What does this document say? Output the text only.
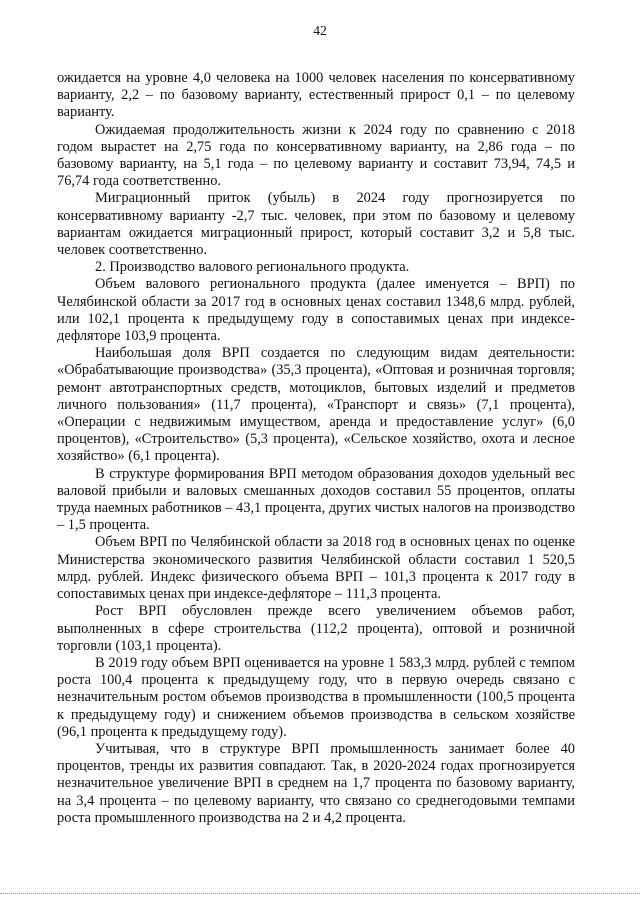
42

ожидается на уровне 4,0 человека на 1000 человек населения по консервативному варианту, 2,2 – по базовому варианту, естественный прирост 0,1 – по целевому варианту.

Ожидаемая продолжительность жизни к 2024 году по сравнению с 2018 годом вырастет на 2,75 года по консервативному варианту, на 2,86 года – по базовому варианту, на 5,1 года – по целевому варианту и составит 73,94, 74,5 и 76,74 года соответственно.

Миграционный приток (убыль) в 2024 году прогнозируется по консервативному варианту -2,7 тыс. человек, при этом по базовому и целевому вариантам ожидается миграционный прирост, который составит 3,2 и 5,8 тыс. человек соответственно.

2. Производство валового регионального продукта.

Объем валового регионального продукта (далее именуется – ВРП) по Челябинской области за 2017 год в основных ценах составил 1348,6 млрд. рублей, или 102,1 процента к предыдущему году в сопоставимых ценах при индексе-дефляторе 103,9 процента.

Наибольшая доля ВРП создается по следующим видам деятельности: «Обрабатывающие производства» (35,3 процента), «Оптовая и розничная торговля; ремонт автотранспортных средств, мотоциклов, бытовых изделий и предметов личного пользования» (11,7 процента), «Транспорт и связь» (7,1 процента), «Операции с недвижимым имуществом, аренда и предоставление услуг» (6,0 процентов), «Строительство» (5,3 процента), «Сельское хозяйство, охота и лесное хозяйство» (6,1 процента).

В структуре формирования ВРП методом образования доходов удельный вес валовой прибыли и валовых смешанных доходов составил 55 процентов, оплаты труда наемных работников – 43,1 процента, других чистых налогов на производство – 1,5 процента.

Объем ВРП по Челябинской области за 2018 год в основных ценах по оценке Министерства экономического развития Челябинской области составил 1 520,5 млрд. рублей. Индекс физического объема ВРП – 101,3 процента к 2017 году в сопоставимых ценах при индексе-дефляторе – 111,3 процента.

Рост ВРП обусловлен прежде всего увеличением объемов работ, выполненных в сфере строительства (112,2 процента), оптовой и розничной торговли (103,1 процента).

В 2019 году объем ВРП оценивается на уровне 1 583,3 млрд. рублей с темпом роста 100,4 процента к предыдущему году, что в первую очередь связано с незначительным ростом объемов производства в промышленности (100,5 процента к предыдущему году) и снижением объемов производства в сельском хозяйстве (96,1 процента к предыдущему году).

Учитывая, что в структуре ВРП промышленность занимает более 40 процентов, тренды их развития совпадают. Так, в 2020-2024 годах прогнозируется незначительное увеличение ВРП в среднем на 1,7 процента по базовому варианту, на 3,4 процента – по целевому варианту, что связано со среднегодовыми темпами роста промышленного производства на 2 и 4,2 процента.
